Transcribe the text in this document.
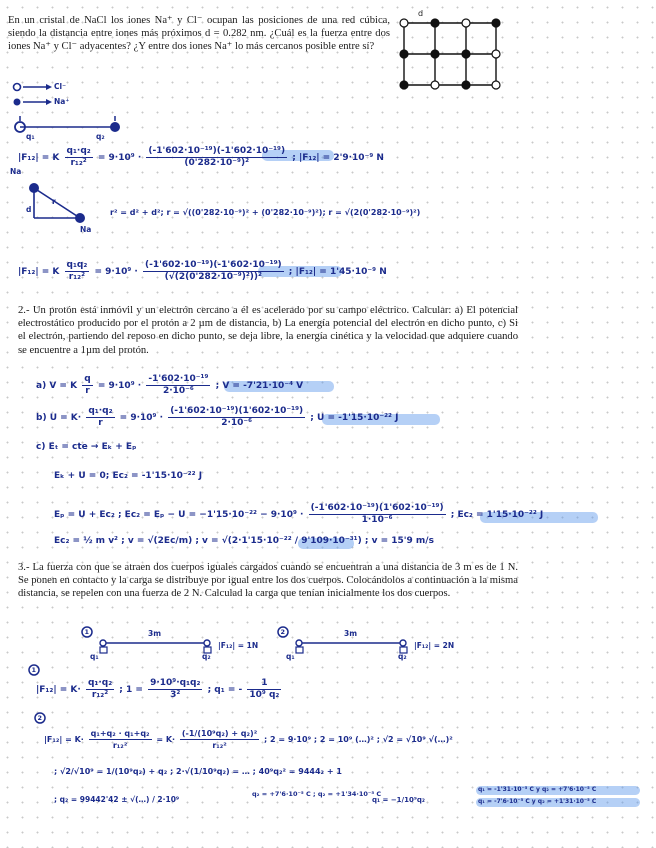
En un cristal de NaCl los iones Na⁺ y Cl⁻ ocupan las posiciones de una red cúbica, siendo la distancia entre iones más próximos d = 0.282 nm. ¿Cuál es la fuerza entre dos iones Na⁺ y Cl⁻ adyacentes? ¿Y entre dos iones Na⁺ lo más cercanos posible entre sí?
d
Cl⁻
Na⁺
q₁	q₂
|F₁₂| = K $\frac{\text{q₁·q₂}}{\text{r₁₂²}} = 9\cdot 10^9 \cdot \frac{\text{(-1'602·10⁻¹⁹)(-1'602·10⁻¹⁹)}}{\text{(0'282·10⁻⁹)²}}$ ; |F₁₂| = 2'9·10⁻⁹ N
Na
d
r
Na
r² = d² + d²; r = √((0'282·10⁻⁹)² + (0'282·10⁻⁹)²); r = √(2(0'282·10⁻⁹)²)
|F₁₂| = K $\frac{\text{q₁q₂}}{\text{r₁₂²}} = 9\cdot 10^9 \cdot \frac{\text{(-1'602·10⁻¹⁹)(-1'602·10⁻¹⁹)}}{\text{(√(2(0'282·10⁻⁹)²))²}}$ ; |F₁₂| = 1'45·10⁻⁹ N
2.- Un protón está inmóvil y un electrón cercano a él es acelerado por su campo eléctrico. Calcular: a) El potencial electrostático producido por el protón a 2 µm de distancia, b) La energía potencial del electrón en dicho punto, c) Si el electrón, partiendo del reposo en dicho punto, se deja libre, la energía cinética y la velocidad que adquiere cuando se encuentre a 1µm del protón.
a) V = K $\frac{q}{r} = 9\cdot 10^9 \cdot \frac{\text{-1'602·10⁻¹⁹}}{\text{2·10⁻⁶}}$ ; V = -7'21·10⁻⁴ V
b) $U = K\cdot \frac{\text{q₁·q₂}}{r} = 9\cdot 10^9 \cdot \frac{\text{(-1'602·10⁻¹⁹)(1'602·10⁻¹⁹)}}{\text{2·10⁻⁶}}$ ; U = -1'15·10⁻²² J
c) Eₜ = cte → Eₖ + Eₚ
Eₖ + U = 0; Eᴄ₂ = -1'15·10⁻²² J
Eₚ = U + Eᴄ₂ ; Eᴄ₂ = $E_p - U = -1'15\cdot 10^{-22} - 9\cdot 10^9 \cdot \frac{\text{(-1'602·10⁻¹⁹)(1'602·10⁻¹⁹)}}{\text{1·10⁻⁶}}$ ; Eᴄ₂ = 1'15·10⁻²² J
Eᴄ₂ = ½ m v² ; v = √(2Eᴄ/m) ; v = √(2·1'15·10⁻²² / 9'109·10⁻³¹) ; v = 15'9 m/s
3.- La fuerza con que se atraen dos cuerpos iguales cargados cuando se encuentran a una distancia de 3 m es de 1 N. Se ponen en contacto y la carga se distribuye por igual entre los dos cuerpos. Colocándolos a continuación a la misma distancia, se repelen con una fuerza de 2 N. Calculad la carga que tenían inicialmente los dos cuerpos.
1	3m
q₁	q₂
|F₁₂| = 1N
2	3m
q₁	q₂
|F₁₂| = 2N
1
$|F_{12}| = K\cdot \frac{\text{q₁·q₂}}{\text{r₁₂²}}$ ; $1 = \frac{\text{9·10⁹·q₁q₂}}{\text{3²}}$ ; q₁ = - $\frac{1}{\text{10⁹ q₂}}$
2
$|F_{12}| = K\cdot \frac{\text{q₁+q₂ · q₁+q₂}}{\text{r₁₂²}} = K\cdot \frac{\text{(-1/(10⁹q₂) + q₂)²}}{\text{r₁₂²}}$ ; 2 = 9·10⁹ ; 2 = 10⁹ (…)² ; √2 = √10⁹ √(…)²
; √2/√10⁹ = 1/(10⁹q₂) + q₂ ; 2·√(1/10⁹q₂) = … ; 40⁹q₂² = 9444₂ + 1
; q₂ = 99442'42 ± √(…) / 2·10⁹
q₂ = +7'6·10⁻⁵ C ; q₂ = +1'34·10⁻⁵ C
q₁ = −1/10⁹q₂
q₁ = -1'31·10⁻⁵ C y q₂ = +7'6·10⁻⁵ C
q₁ = -7'6·10⁻⁵ C y q₂ = +1'31·10⁻⁵ C
